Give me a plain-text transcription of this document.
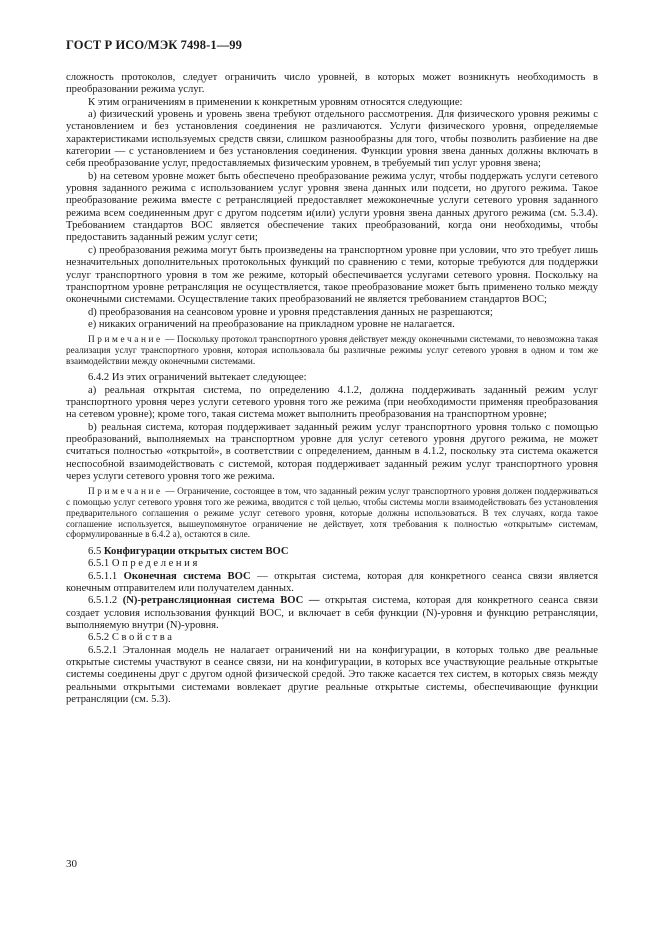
ГОСТ Р ИСО/МЭК 7498-1—99

сложность протоколов, следует ограничить число уровней, в которых может возникнуть необходимость в преобразовании режима услуг.

К этим ограничениям в применении к конкретным уровням относятся следующие:

а) физический уровень и уровень звена требуют отдельного рассмотрения. Для физического уровня режимы с установлением и без установления соединения не различаются. Услуги физического уровня, определяемые характеристиками используемых средств связи, слишком разнообразны для того, чтобы позволить разбиение на две категории — с установлением и без установления соединения. Функции уровня звена данных должны включать в себя преобразование услуг, предоставляемых физическим уровнем, в требуемый тип услуг уровня звена;

b) на сетевом уровне может быть обеспечено преобразование режима услуг, чтобы поддержать услуги сетевого уровня заданного режима с использованием услуг уровня звена данных или подсети, но другого режима. Такое преобразование режима вместе с ретрансляцией предоставляет межоконечные услуги сетевого уровня заданного режима всем соединенным друг с другом подсетям и(или) услуги уровня звена данных другого режима (см. 5.3.4). Требованием стандартов ВОС является обеспечение таких преобразований, когда они необходимы, чтобы предоставить заданный режим услуг сети;

с) преобразования режима могут быть произведены на транспортном уровне при условии, что это требует лишь незначительных дополнительных протокольных функций по сравнению с теми, которые требуются для поддержки услуг транспортного уровня в том же режиме, который обеспечивается услугами сетевого уровня. Поскольку на транспортном уровне ретрансляция не осуществляется, такое преобразование может быть применено только между оконечными системами. Осуществление таких преобразований не является требованием стандартов ВОС;

d) преобразования на сеансовом уровне и уровня представления данных не разрешаются;

е) никаких ограничений на преобразование на прикладном уровне не налагается.

Примечание — Поскольку протокол транспортного уровня действует между оконечными системами, то невозможна такая реализация услуг транспортного уровня, которая использовала бы различные режимы услуг сетевого уровня в одном и том же взаимодействии между оконечными системами.

6.4.2 Из этих ограничений вытекает следующее:

а) реальная открытая система, по определению 4.1.2, должна поддерживать заданный режим услуг транспортного уровня через услуги сетевого уровня того же режима (при необходимости применяя преобразования на сетевом уровне); кроме того, такая система может выполнить преобразования на транспортном уровне;

b) реальная система, которая поддерживает заданный режим услуг транспортного уровня только с помощью преобразований, выполняемых на транспортном уровне для услуг сетевого уровня другого режима, не может считаться полностью «открытой», в соответствии с определением, данным в 4.1.2, поскольку эта система окажется неспособной взаимодействовать с системой, которая поддерживает заданный режим услуг транспортного уровня через услуги сетевого уровня того же режима.

Примечание — Ограничение, состоящее в том, что заданный режим услуг транспортного уровня должен поддерживаться с помощью услуг сетевого уровня того же режима, вводится с той целью, чтобы системы могли взаимодействовать без установления предварительного соглашения о режиме услуг сетевого уровня, которые должны использоваться. В тех случаях, когда такое соглашение используется, вышеупомянутое ограничение не действует, хотя требования к полностью «открытым» системам, сформулированные в 6.4.2 а), остаются в силе.

6.5 Конфигурации открытых систем ВОС

6.5.1 Определения

6.5.1.1 Оконечная система ВОС — открытая система, которая для конкретного сеанса связи является конечным отправителем или получателем данных.

6.5.1.2 (N)-ретрансляционная система ВОС — открытая система, которая для конкретного сеанса связи создает условия использования функций ВОС, и включает в себя функции (N)-уровня и функцию ретрансляции, выполняемую внутри (N)-уровня.

6.5.2 Свойства

6.5.2.1 Эталонная модель не налагает ограничений ни на конфигурации, в которых только две реальные открытые системы участвуют в сеансе связи, ни на конфигурации, в которых все участвующие реальные открытые системы соединены друг с другом одной физической средой. Это также касается тех систем, в которых связь между реальными открытыми системами вовлекает другие реальные открытые системы, обеспечивающие функции ретрансляции (см. 5.3).

30
